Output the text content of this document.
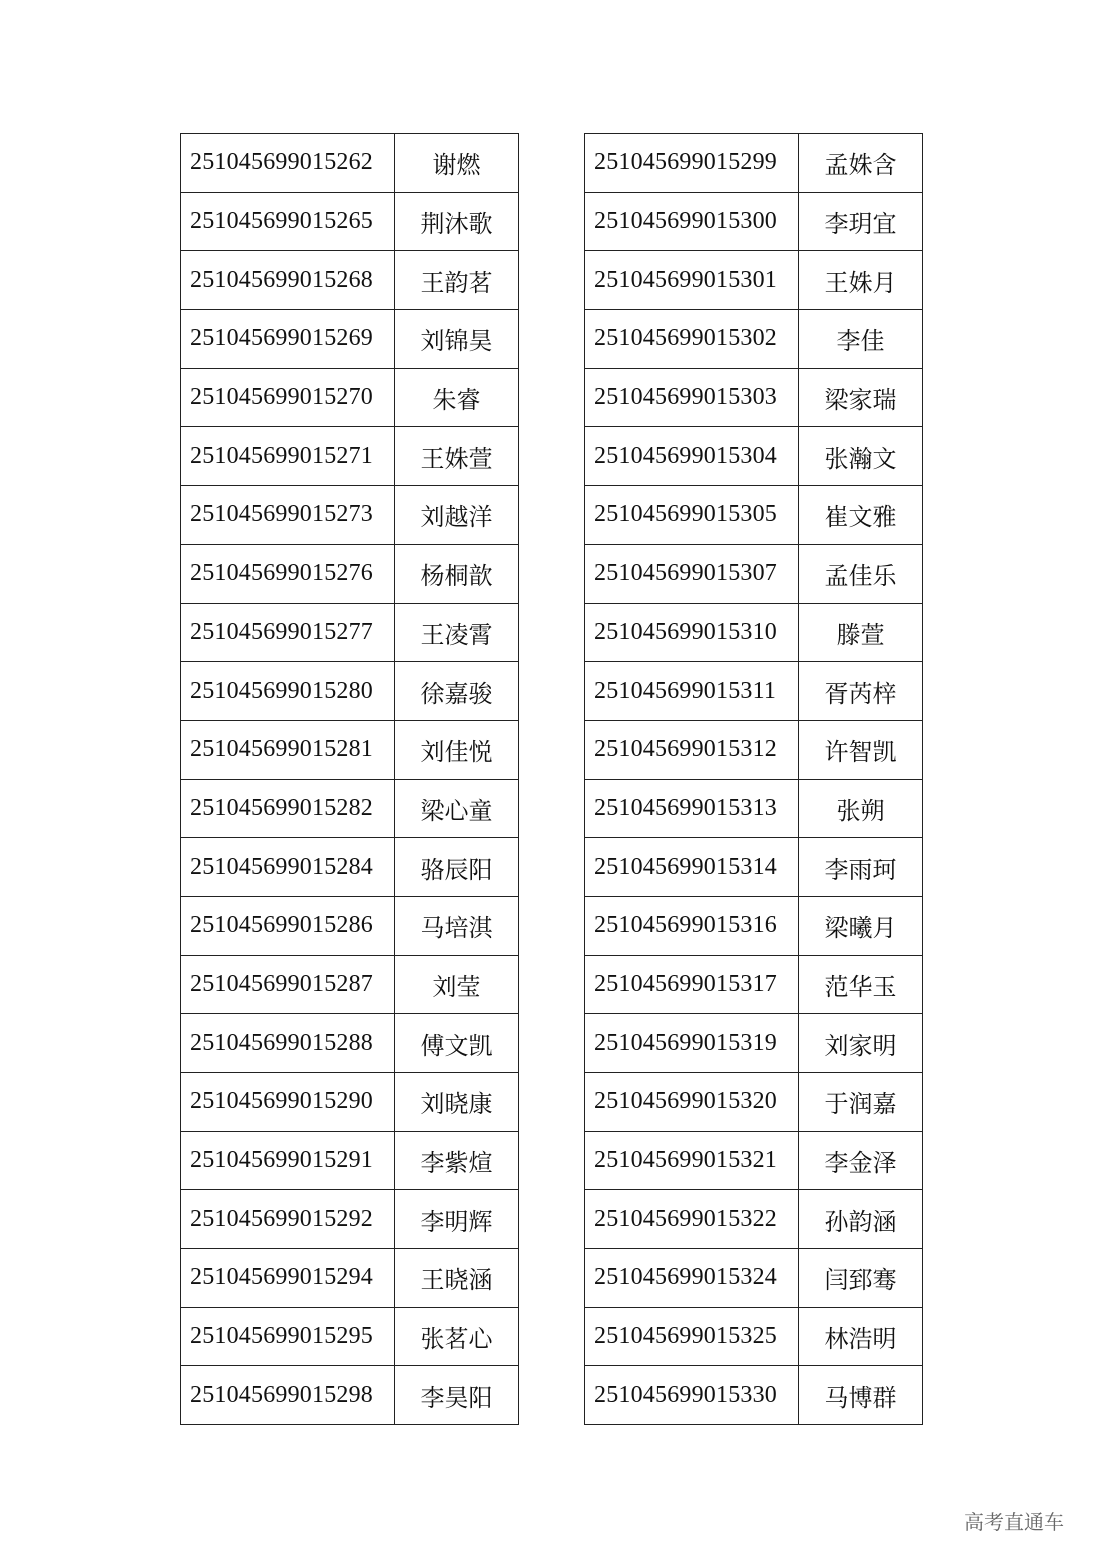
251045699015262	谢燃
251045699015265	荆沐歌
251045699015268	王韵茗
251045699015269	刘锦昊
251045699015270	朱睿
251045699015271	王姝萱
251045699015273	刘越洋
251045699015276	杨桐歆
251045699015277	王凌霄
251045699015280	徐嘉骏
251045699015281	刘佳悦
251045699015282	梁心童
251045699015284	骆辰阳
251045699015286	马培淇
251045699015287	刘莹
251045699015288	傅文凯
251045699015290	刘晓康
251045699015291	李紫煊
251045699015292	李明辉
251045699015294	王晓涵
251045699015295	张茗心
251045699015298	李昊阳
251045699015299	孟姝含
251045699015300	李玥宜
251045699015301	王姝月
251045699015302	李佳
251045699015303	梁家瑞
251045699015304	张瀚文
251045699015305	崔文雅
251045699015307	孟佳乐
251045699015310	滕萱
251045699015311	胥芮梓
251045699015312	许智凯
251045699015313	张朔
251045699015314	李雨珂
251045699015316	梁曦月
251045699015317	范华玉
251045699015319	刘家明
251045699015320	于润嘉
251045699015321	李金泽
251045699015322	孙韵涵
251045699015324	闫郅骞
251045699015325	林浩明
251045699015330	马博群
高考直通车
